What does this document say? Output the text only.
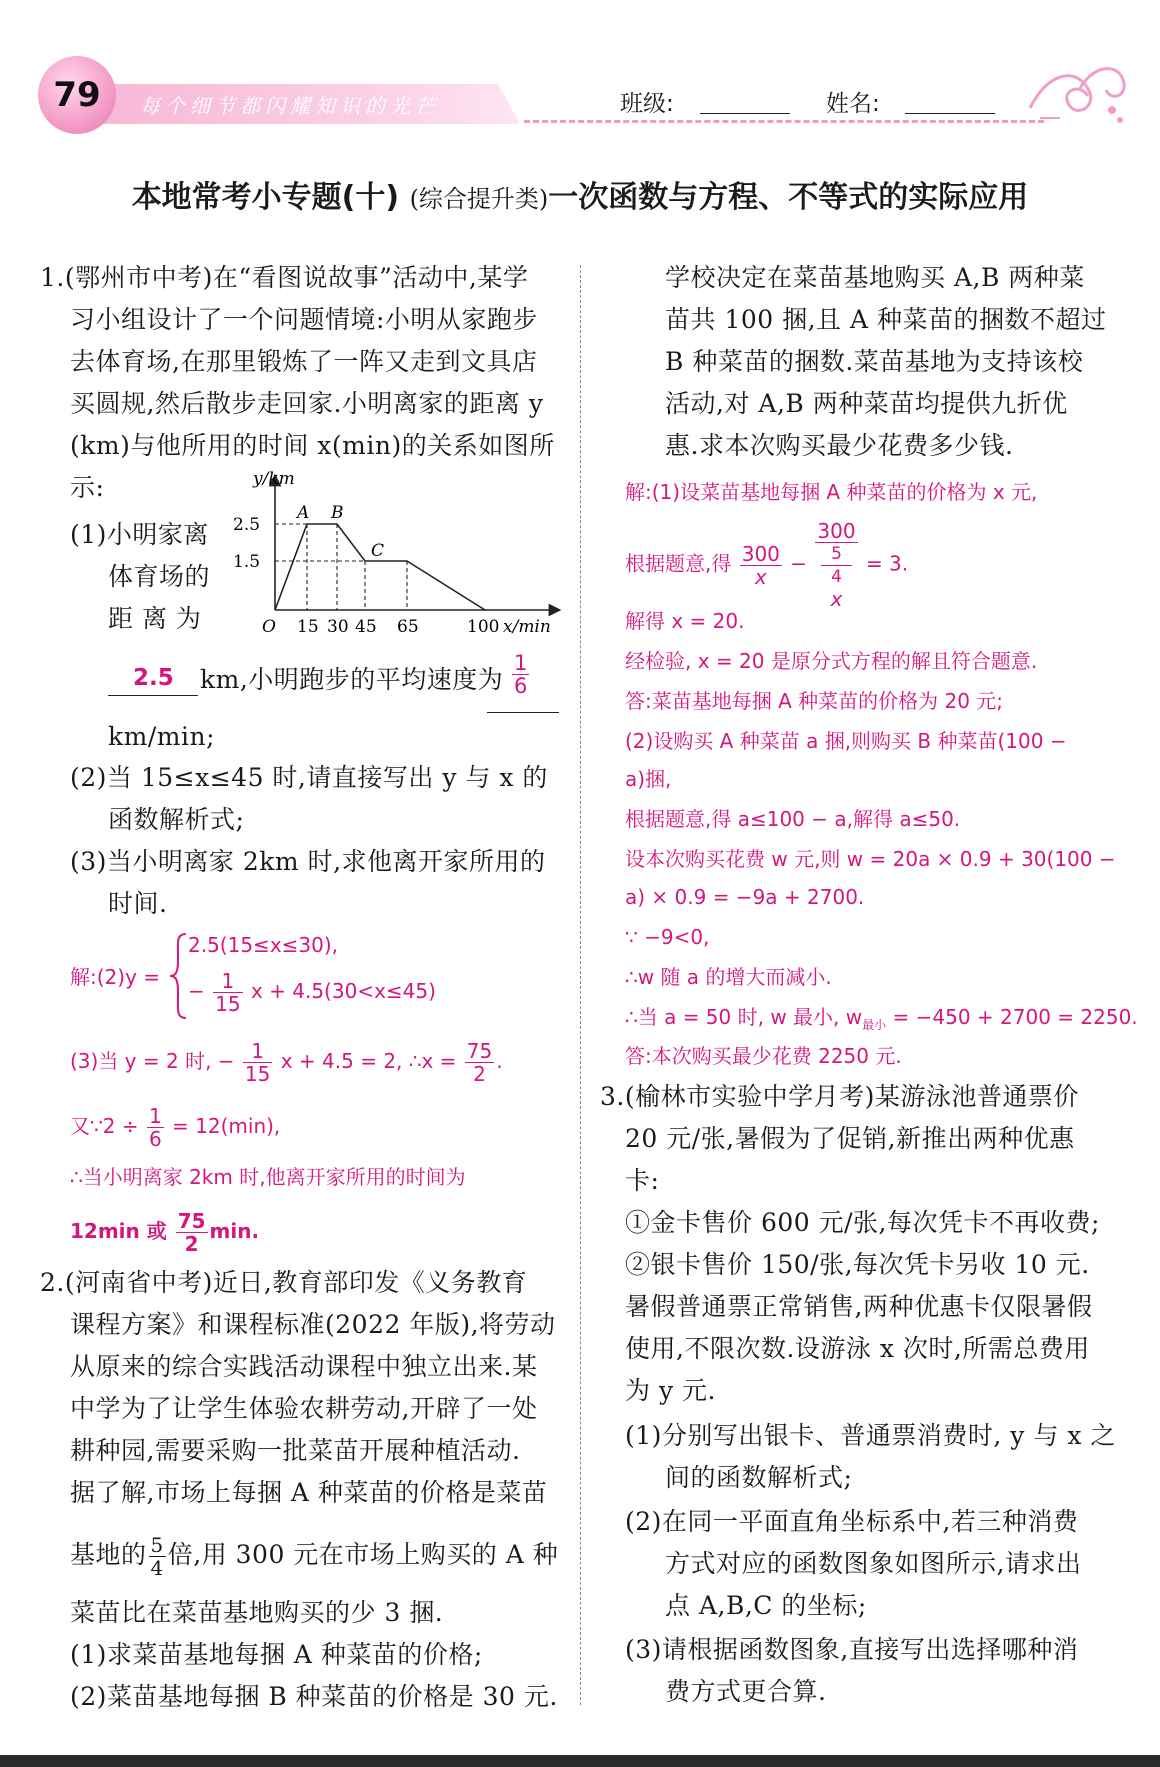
79 每个细节都闪耀知识的光芒	班级:	姓名:
本地常考小专题(十) (综合提升类)一次函数与方程、不等式的实际应用
1.(鄂州市中考)在“看图说故事”活动中,某学
习小组设计了一个问题情境:小明从家跑步
去体育场,在那里锻炼了一阵又走到文具店
买圆规,然后散步走回家.小明离家的距离 y
(km)与他所用的时间 x(min)的关系如图所
示:
(1)小明家离
体育场的
距 离 为
y/km
2.5
1.5
O 15 30 45 65	100 x/min
A B
C
2.5 km,小明跑步的平均速度为 $\frac{1}{6}$
km/min;
(2)当 15≤x≤45 时,请直接写出 y 与 x 的
函数解析式;
(3)当小明离家 2km 时,求他离开家所用的
时间.
解:(2)y =
2.5(15≤x≤30),
− $\frac{1}{15}$ x + 4.5(30<x≤45)
(3)当 y = 2 时, − $\frac{1}{15}$ x + 4.5 = 2, ∴x = $\frac{75}{2}$ .
又∵2 ÷ $\frac{1}{6} = 12(\min)$,
∴当小明离家 2km 时,他离开家所用的时间为
12min 或 $\frac{75}{2} \min$.
2.(河南省中考)近日,教育部印发《义务教育
课程方案》和课程标准(2022 年版),将劳动
从原来的综合实践活动课程中独立出来.某
中学为了让学生体验农耕劳动,开辟了一处
耕种园,需要采购一批菜苗开展种植活动.
据了解,市场上每捆 A 种菜苗的价格是菜苗
基地的 $\frac{5}{4}$ 倍,用 300 元在市场上购买的 A 种
菜苗比在菜苗基地购买的少 3 捆.
(1)求菜苗基地每捆 A 种菜苗的价格;
(2)菜苗基地每捆 B 种菜苗的价格是 30 元.
学校决定在菜苗基地购买 A,B 两种菜
苗共 100 捆,且 A 种菜苗的捆数不超过
B 种菜苗的捆数.菜苗基地为支持该校
活动,对 A,B 两种菜苗均提供九折优
惠.求本次购买最少花费多少钱.
解:(1)设菜苗基地每捆 A 种菜苗的价格为 x 元,
根据题意,得 $\frac{300}{x} - 300$
5
4
x = 3.
解得 x = 20.
经检验, x = 20 是原分式方程的解且符合题意.
答:菜苗基地每捆 A 种菜苗的价格为 20 元;
(2)设购买 A 种菜苗 a 捆,则购买 B 种菜苗(100 −
a)捆,
根据题意,得 a≤100 − a,解得 a≤50.
设本次购买花费 w 元,则 w = 20a × 0.9 + 30(100 −
a) × 0.9 = −9a + 2700.
∵ −9<0,
∴w 随 a 的增大而减小.
∴当 a = 50 时, w 最小, $w_{最小} = -450 + 2700 = 2250$.
答:本次购买最少花费 2250 元.
3.(榆林市实验中学月考)某游泳池普通票价
20 元/张,暑假为了促销,新推出两种优惠
卡:
①金卡售价 600 元/张,每次凭卡不再收费;
②银卡售价 150/张,每次凭卡另收 10 元.
暑假普通票正常销售,两种优惠卡仅限暑假
使用,不限次数.设游泳 x 次时,所需总费用
为 y 元.
(1)分别写出银卡、普通票消费时, y 与 x 之
间的函数解析式;
(2)在同一平面直角坐标系中,若三种消费
方式对应的函数图象如图所示,请求出
点 A,B,C 的坐标;
(3)请根据函数图象,直接写出选择哪种消
费方式更合算.
